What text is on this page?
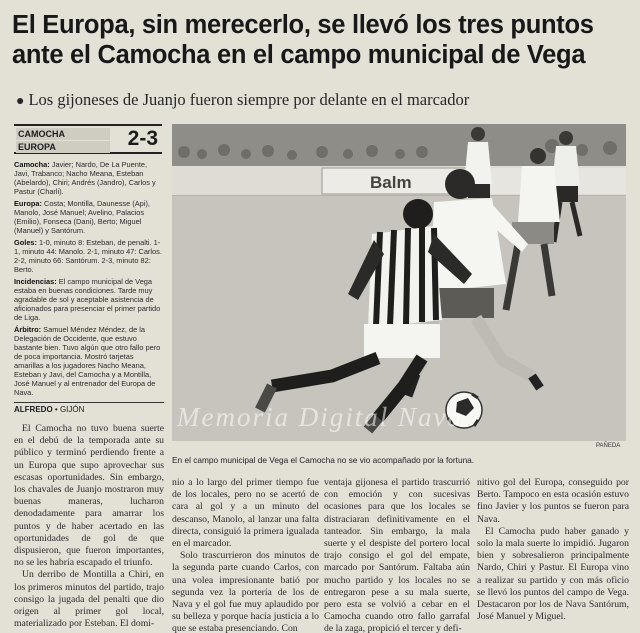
El Europa, sin merecerlo, se llevó los tres puntos
ante el Camocha en el campo municipal de Vega
● Los gijoneses de Juanjo fueron siempre por delante en el marcador
CAMOCHA
EUROPA	2-3

Camocha: Javier; Nardo, De La Puente, Javi, Trabanco; Nacho Meana, Esteban (Abelardo), Chiri; Andrés (Jandro), Carlos y Pastur (Charli).

Europa: Costa; Montilla, Daunesse (Api), Manolo, José Manuel; Avelino, Palacios (Emilio), Fonseca (Dani), Berto; Miguel (Manuel) y Santórum.

Goles: 1-0, minuto 8: Esteban, de penalti. 1-1, minuto 44: Manolo. 2-1, minuto 47: Carlos. 2-2, minuto 66: Santórum. 2-3, minuto 82: Berto.

Incidencias: El campo municipal de Vega estaba en buenas condiciones. Tarde muy agradable de sol y aceptable asistencia de aficionados para presenciar el primer partido de Liga.

Árbitro: Samuel Méndez Méndez, de la Delegación de Occidente, que estuvo bastante bien. Tuvo algún que otro fallo pero de poca importancia. Mostró tarjetas amarillas a los jugadores Nacho Meana, Esteban y Javi, del Camocha y a Montilla, José Manuel y al entrenador del Europa de Nava.

ALFREDO • GIJÓN
Balm
Memoria Digital Nava
PAÑEDA
En el campo municipal de Vega el Camocha no se vio acompañado por la fortuna.

El Camocha no tuvo buena suerte en el debú de la temporada ante su público y terminó perdiendo frente a un Europa que supo aprovechar sus escasas oportunidades. Sin embargo, los chavales de Juanjo mostraron muy buenas maneras, lucharon denodadamente para amarrar los puntos y de haber acertado en las oportunidades de gol de que dispusieron, que fueron importantes, no se les habría escapado el triunfo.

Un derribo de Montilla a Chiri, en los primeros minutos del partido, trajo consigo la jugada del penalti que dio origen al primer gol local, materializado por Esteban. El domi-

nio a lo largo del primer tiempo fue de los locales, pero no se acertó de cara al gol y a un minuto del descanso, Manolo, al lanzar una falta directa, consiguió la primera igualada en el marcador.

Solo trascurrieron dos minutos de la segunda parte cuando Carlos, con una volea impresionante batió por segunda vez la portería de los de Nava y el gol fue muy aplaudido por su belleza y porque hacía justicia a lo que se estaba presenciando. Con

ventaja gijonesa el partido trascurrió con emoción y con sucesivas ocasiones para que los locales se distraciaran definitivamente en el tanteador. Sin embargo, la mala suerte y el despiste del portero local trajo consigo el gol del empate, marcado por Santórum. Faltaba aún mucho partido y los locales no se entregaron pese a su mala suerte, pero esta se volvió a cebar en el Camocha cuando otro fallo garrafal de la zaga, propició el tercer y defi-

nitivo gol del Europa, conseguido por Berto. Tampoco en esta ocasión estuvo fino Javier y los puntos se fueron para Nava.

El Camocha pudo haber ganado y solo la mala suerte lo impidió. Jugaron bien y sobresalieron principalmente Nardo, Chiri y Pastur. El Europa vino a realizar su partido y con más oficio se llevó los puntos del campo de Vega. Destacaron por los de Nava Santórum, José Manuel y Miguel.
